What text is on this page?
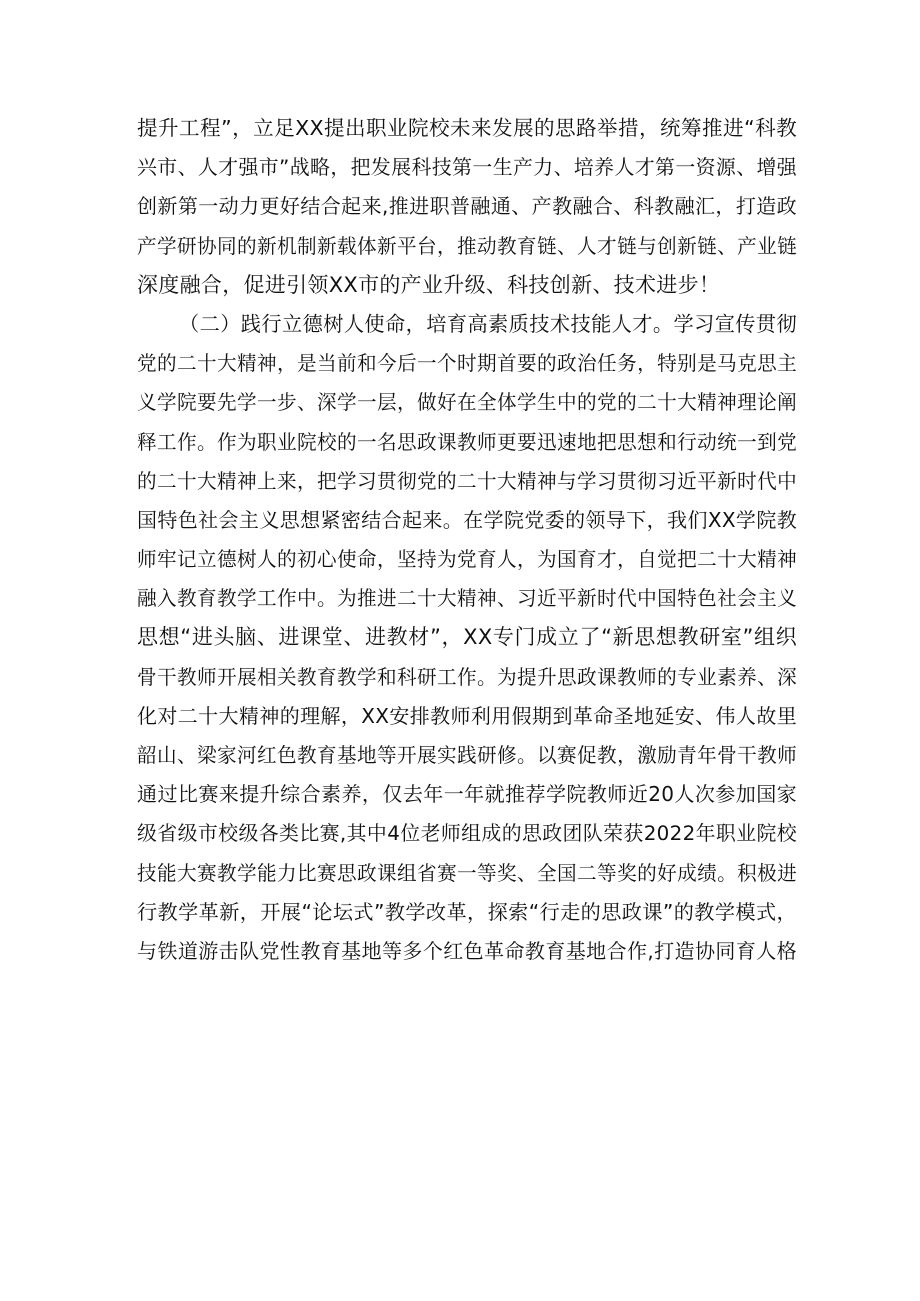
提升工程”，立足XX提出职业院校未来发展的思路举措，统筹推进“科教
兴市、人才强市”战略，把发展科技第一生产力、培养人才第一资源、增强
创新第一动力更好结合起来,推进职普融通、产教融合、科教融汇，打造政
产学研协同的新机制新载体新平台，推动教育链、人才链与创新链、产业链
深度融合，促进引领XX市的产业升级、科技创新、技术进步！
（二）践行立德树人使命，培育高素质技术技能人才。学习宣传贯彻
党的二十大精神，是当前和今后一个时期首要的政治任务，特别是马克思主
义学院要先学一步、深学一层，做好在全体学生中的党的二十大精神理论阐
释工作。作为职业院校的一名思政课教师更要迅速地把思想和行动统一到党
的二十大精神上来，把学习贯彻党的二十大精神与学习贯彻习近平新时代中
国特色社会主义思想紧密结合起来。在学院党委的领导下，我们XX学院教
师牢记立德树人的初心使命，坚持为党育人，为国育才，自觉把二十大精神
融入教育教学工作中。为推进二十大精神、习近平新时代中国特色社会主义
思想“进头脑、进课堂、进教材”，XX专门成立了“新思想教研室”组织
骨干教师开展相关教育教学和科研工作。为提升思政课教师的专业素养、深
化对二十大精神的理解，XX安排教师利用假期到革命圣地延安、伟人故里
韶山、梁家河红色教育基地等开展实践研修。以赛促教，激励青年骨干教师
通过比赛来提升综合素养，仅去年一年就推荐学院教师近20人次参加国家
级省级市校级各类比赛,其中4位老师组成的思政团队荣获2022年职业院校
技能大赛教学能力比赛思政课组省赛一等奖、全国二等奖的好成绩。积极进
行教学革新，开展“论坛式”教学改革，探索“行走的思政课”的教学模式，
与铁道游击队党性教育基地等多个红色革命教育基地合作,打造协同育人格
